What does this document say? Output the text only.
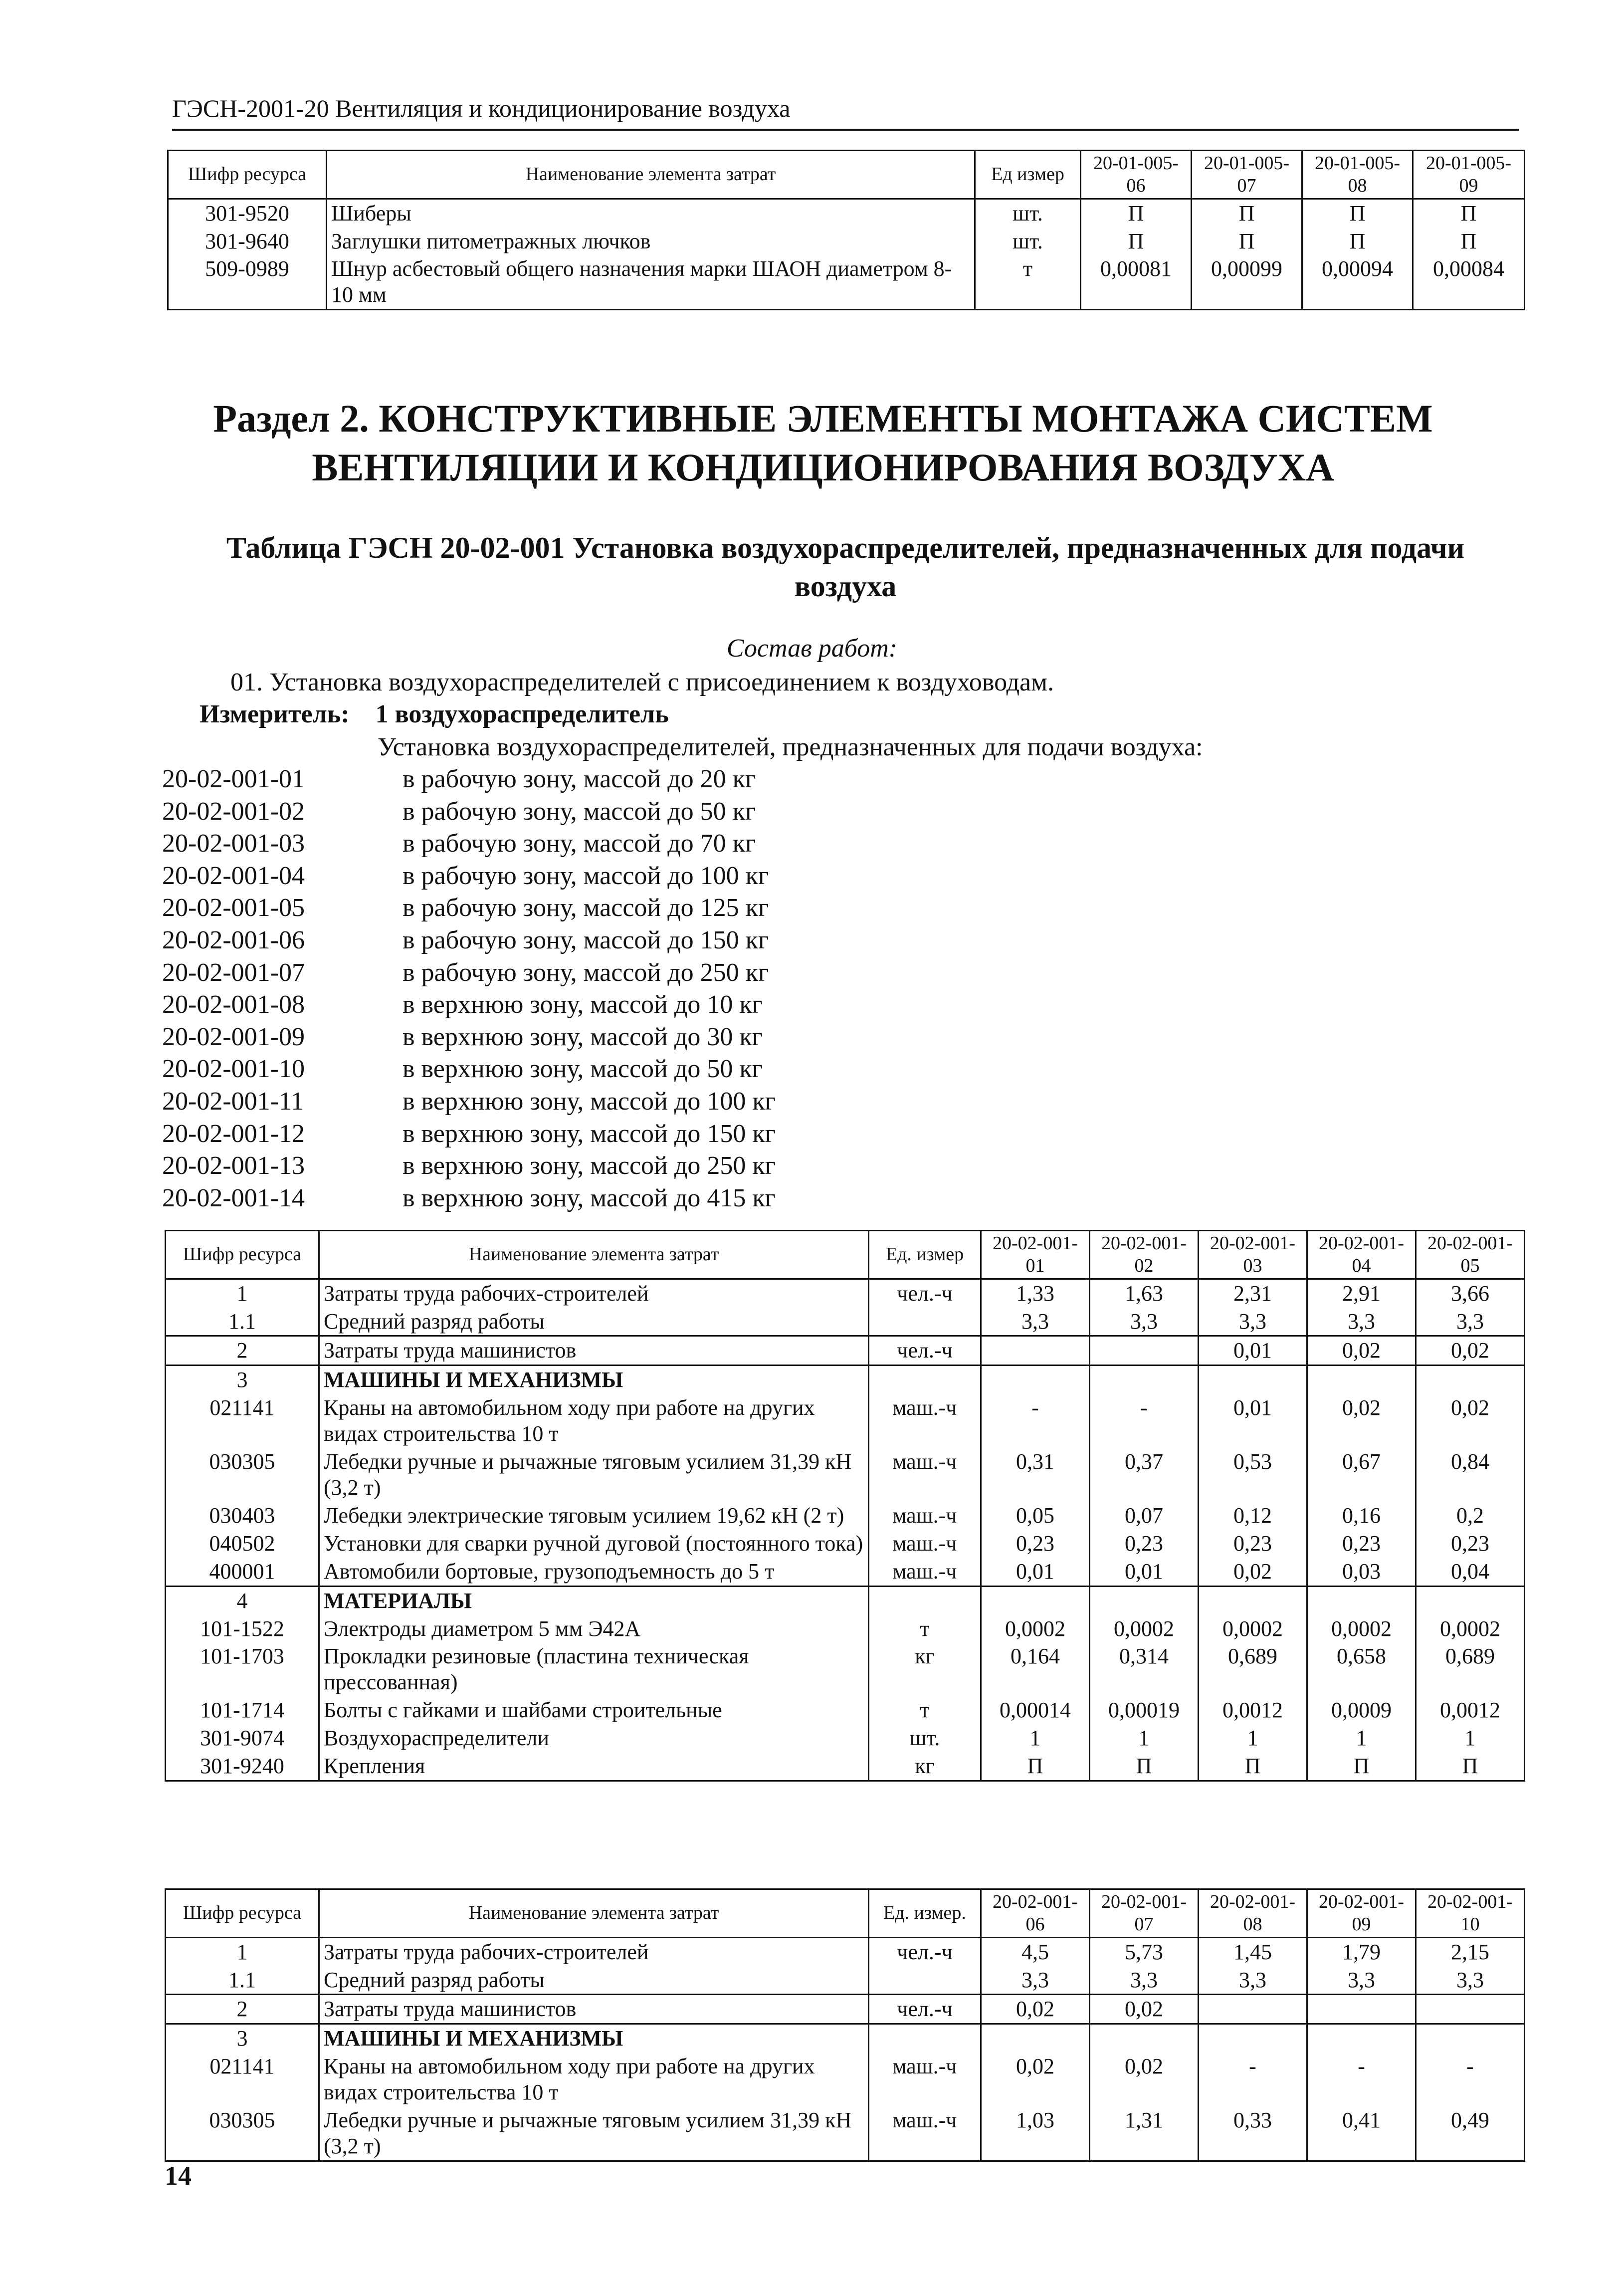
ГЭСН-2001-20 Вентиляция и кондиционирование воздуха
Шифр ресурса	Наименование элемента затрат	Ед измер	20-01-005-06	20-01-005-07	20-01-005-08	20-01-005-09
301-9520	Шиберы	шт.	П	П	П	П
301-9640	Заглушки питометражных лючков	шт.	П	П	П	П
509-0989	Шнур асбестовый общего назначения марки ШАОН диаметром 8-10 мм	т	0,00081	0,00099	0,00094	0,00084
Раздел 2. КОНСТРУКТИВНЫЕ ЭЛЕМЕНТЫ МОНТАЖА СИСТЕМ ВЕНТИЛЯЦИИ И КОНДИЦИОНИРОВАНИЯ ВОЗДУХА
Таблица ГЭСН 20-02-001 Установка воздухораспределителей, предназначенных для подачи воздуха
Состав работ:
01. Установка воздухораспределителей с присоединением к воздуховодам.
Измеритель:    1 воздухораспределитель
Установка воздухораспределителей, предназначенных для подачи воздуха:
20-02-001-01	в рабочую зону, массой до 20 кг
20-02-001-02	в рабочую зону, массой до 50 кг
20-02-001-03	в рабочую зону, массой до 70 кг
20-02-001-04	в рабочую зону, массой до 100 кг
20-02-001-05	в рабочую зону, массой до 125 кг
20-02-001-06	в рабочую зону, массой до 150 кг
20-02-001-07	в рабочую зону, массой до 250 кг
20-02-001-08	в верхнюю зону, массой до 10 кг
20-02-001-09	в верхнюю зону, массой до 30 кг
20-02-001-10	в верхнюю зону, массой до 50 кг
20-02-001-11	в верхнюю зону, массой до 100 кг
20-02-001-12	в верхнюю зону, массой до 150 кг
20-02-001-13	в верхнюю зону, массой до 250 кг
20-02-001-14	в верхнюю зону, массой до 415 кг
Шифр ресурса	Наименование элемента затрат	Ед. измер	20-02-001-01	20-02-001-02	20-02-001-03	20-02-001-04	20-02-001-05
1	Затраты труда рабочих-строителей	чел.-ч	1,33	1,63	2,31	2,91	3,66
1.1	Средний разряд работы		3,3	3,3	3,3	3,3	3,3
2	Затраты труда машинистов	чел.-ч			0,01	0,02	0,02
3	МАШИНЫ И МЕХАНИЗМЫ						
021141	Краны на автомобильном ходу при работе на других видах строительства 10 т	маш.-ч	-	-	0,01	0,02	0,02
030305	Лебедки ручные и рычажные тяговым усилием 31,39 кН (3,2 т)	маш.-ч	0,31	0,37	0,53	0,67	0,84
030403	Лебедки электрические тяговым усилием 19,62 кН (2 т)	маш.-ч	0,05	0,07	0,12	0,16	0,2
040502	Установки для сварки ручной дуговой (постоянного тока)	маш.-ч	0,23	0,23	0,23	0,23	0,23
400001	Автомобили бортовые, грузоподъемность до 5 т	маш.-ч	0,01	0,01	0,02	0,03	0,04
4	МАТЕРИАЛЫ						
101-1522	Электроды диаметром 5 мм Э42А	т	0,0002	0,0002	0,0002	0,0002	0,0002
101-1703	Прокладки резиновые (пластина техническая прессованная)	кг	0,164	0,314	0,689	0,658	0,689
101-1714	Болты с гайками и шайбами строительные	т	0,00014	0,00019	0,0012	0,0009	0,0012
301-9074	Воздухораспределители	шт.	1	1	1	1	1
301-9240	Крепления	кг	П	П	П	П	П
Шифр ресурса	Наименование элемента затрат	Ед. измер.	20-02-001-06	20-02-001-07	20-02-001-08	20-02-001-09	20-02-001-10
1	Затраты труда рабочих-строителей	чел.-ч	4,5	5,73	1,45	1,79	2,15
1.1	Средний разряд работы		3,3	3,3	3,3	3,3	3,3
2	Затраты труда машинистов	чел.-ч	0,02	0,02			
3	МАШИНЫ И МЕХАНИЗМЫ						
021141	Краны на автомобильном ходу при работе на других видах строительства 10 т	маш.-ч	0,02	0,02	-	-	-
030305	Лебедки ручные и рычажные тяговым усилием 31,39 кН (3,2 т)	маш.-ч	1,03	1,31	0,33	0,41	0,49
14
